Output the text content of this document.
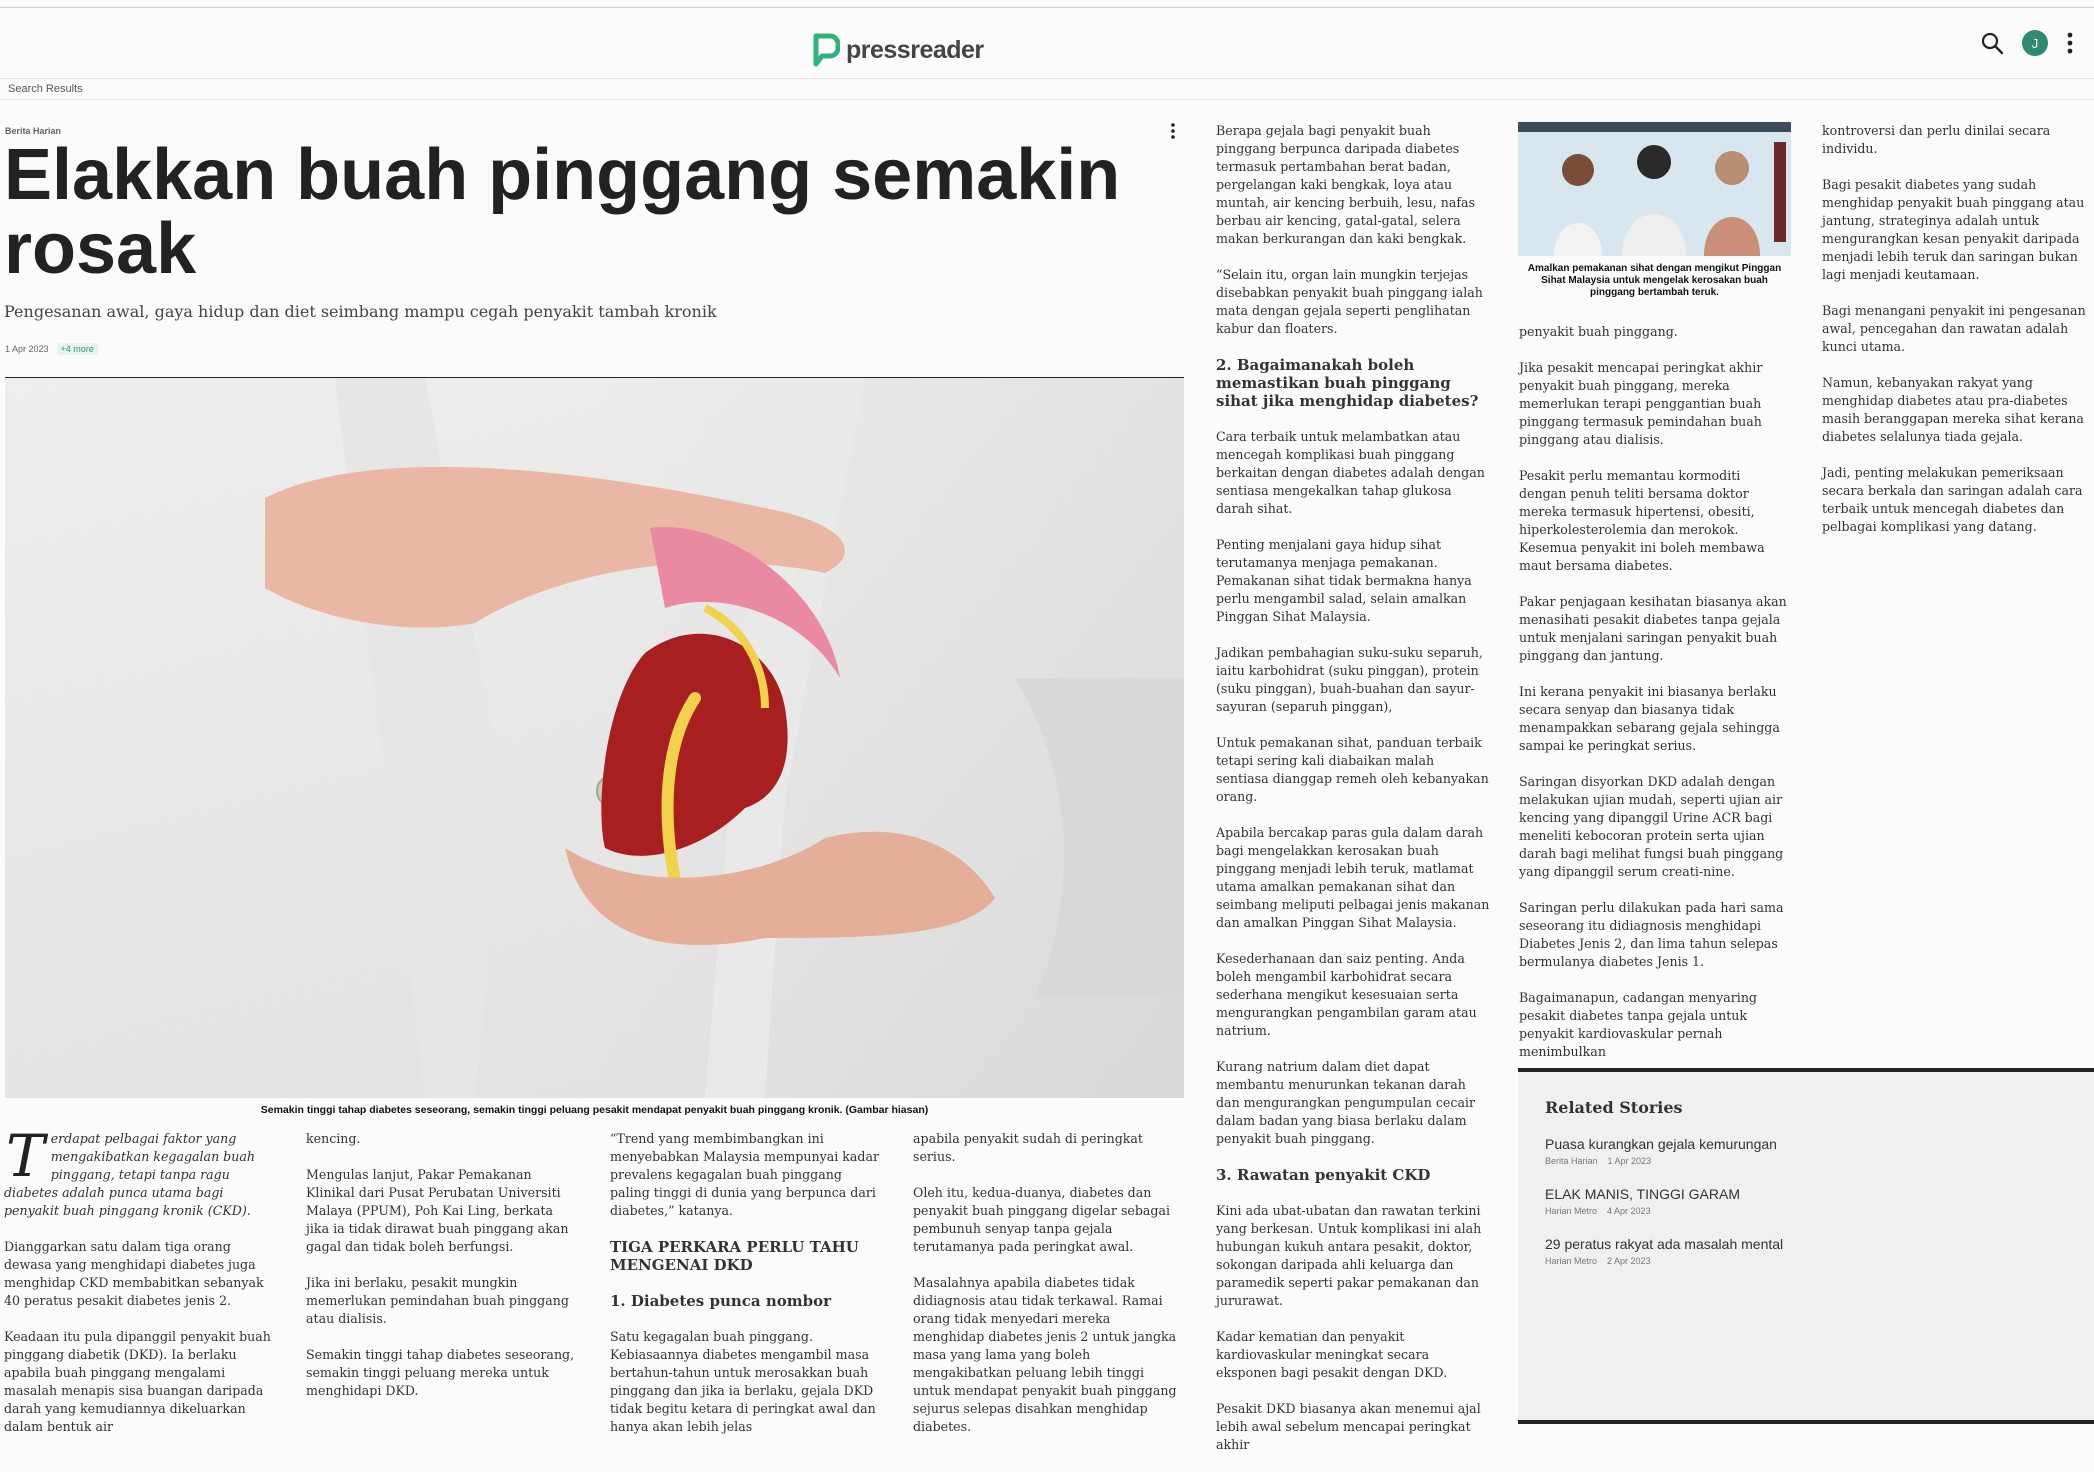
pressreader	J
Search Results
Berita Harian
Elakkan buah pinggang semakin rosak
Pengesanan awal, gaya hidup dan diet seimbang mampu cegah penyakit tambah kronik
1 Apr 2023	+4 more
Semakin tinggi tahap diabetes seseorang, semakin tinggi peluang pesakit mendapat penyakit buah pinggang kronik. (Gambar hiasan)

Terdapat pelbagai faktor yang mengakibatkan kegagalan buah pinggang, tetapi tanpa ragu diabetes adalah punca utama bagi penyakit buah pinggang kronik (CKD).

Dianggarkan satu dalam tiga orang dewasa yang menghidapi diabetes juga menghidap CKD membabitkan sebanyak 40 peratus pesakit diabetes jenis 2.

Keadaan itu pula dipanggil penyakit buah pinggang diabetik (DKD). Ia berlaku apabila buah pinggang mengalami masalah menapis sisa buangan daripada darah yang kemudiannya dikeluarkan dalam bentuk air

kencing.

Mengulas lanjut, Pakar Pemakanan Klinikal dari Pusat Perubatan Universiti Malaya (PPUM), Poh Kai Ling, berkata jika ia tidak dirawat buah pinggang akan gagal dan tidak boleh berfungsi.

Jika ini berlaku, pesakit mungkin memerlukan pemindahan buah pinggang atau dialisis.

Semakin tinggi tahap diabetes seseorang, semakin tinggi peluang mereka untuk menghidapi DKD.

“Trend yang membimbangkan ini menyebabkan Malaysia mempunyai kadar prevalens kegagalan buah pinggang paling tinggi di dunia yang berpunca dari diabetes,” katanya.

TIGA PERKARA PERLU TAHU MENGENAI DKD
1. Diabetes punca nombor

Satu kegagalan buah pinggang. Kebiasaannya diabetes mengambil masa bertahun-tahun untuk merosakkan buah pinggang dan jika ia berlaku, gejala DKD tidak begitu ketara di peringkat awal dan hanya akan lebih jelas

apabila penyakit sudah di peringkat serius.

Oleh itu, kedua-duanya, diabetes dan penyakit buah pinggang digelar sebagai pembunuh senyap tanpa gejala terutamanya pada peringkat awal.

Masalahnya apabila diabetes tidak didiagnosis atau tidak terkawal. Ramai orang tidak menyedari mereka menghidap diabetes jenis 2 untuk jangka masa yang lama yang boleh mengakibatkan peluang lebih tinggi untuk mendapat penyakit buah pinggang sejurus selepas disahkan menghidap diabetes.

Berapa gejala bagi penyakit buah pinggang berpunca daripada diabetes termasuk pertambahan berat badan, pergelangan kaki bengkak, loya atau muntah, air kencing berbuih, lesu, nafas berbau air kencing, gatal-gatal, selera makan berkurangan dan kaki bengkak.

“Selain itu, organ lain mungkin terjejas disebabkan penyakit buah pinggang ialah mata dengan gejala seperti penglihatan kabur dan floaters.

2. Bagaimanakah boleh memastikan buah pinggang sihat jika menghidap diabetes?

Cara terbaik untuk melambatkan atau mencegah komplikasi buah pinggang berkaitan dengan diabetes adalah dengan sentiasa mengekalkan tahap glukosa darah sihat.

Penting menjalani gaya hidup sihat terutamanya menjaga pemakanan. Pemakanan sihat tidak bermakna hanya perlu mengambil salad, selain amalkan Pinggan Sihat Malaysia.

Jadikan pembahagian suku-suku separuh, iaitu karbohidrat (suku pinggan), protein (suku pinggan), buah-buahan dan sayur-sayuran (separuh pinggan),

Untuk pemakanan sihat, panduan terbaik tetapi sering kali diabaikan malah sentiasa dianggap remeh oleh kebanyakan orang.

Apabila bercakap paras gula dalam darah bagi mengelakkan kerosakan buah pinggang menjadi lebih teruk, matlamat utama amalkan pemakanan sihat dan seimbang meliputi pelbagai jenis makanan dan amalkan Pinggan Sihat Malaysia.

Kesederhanaan dan saiz penting. Anda boleh mengambil karbohidrat secara sederhana mengikut kesesuaian serta mengurangkan pengambilan garam atau natrium.

Kurang natrium dalam diet dapat membantu menurunkan tekanan darah dan mengurangkan pengumpulan cecair dalam badan yang biasa berlaku dalam penyakit buah pinggang.

3. Rawatan penyakit CKD

Kini ada ubat-ubatan dan rawatan terkini yang berkesan. Untuk komplikasi ini alah hubungan kukuh antara pesakit, doktor, sokongan daripada ahli keluarga dan paramedik seperti pakar pemakanan dan jururawat.

Kadar kematian dan penyakit kardiovaskular meningkat secara eksponen bagi pesakit dengan DKD.

Pesakit DKD biasanya akan menemui ajal lebih awal sebelum mencapai peringkat akhir

Amalkan pemakanan sihat dengan mengikut Pinggan Sihat Malaysia untuk mengelak kerosakan buah pinggang bertambah teruk.

penyakit buah pinggang.

Jika pesakit mencapai peringkat akhir penyakit buah pinggang, mereka memerlukan terapi penggantian buah pinggang termasuk pemindahan buah pinggang atau dialisis.

Pesakit perlu memantau kormoditi dengan penuh teliti bersama doktor mereka termasuk hipertensi, obesiti, hiperkolesterolemia dan merokok. Kesemua penyakit ini boleh membawa maut bersama diabetes.

Pakar penjagaan kesihatan biasanya akan menasihati pesakit diabetes tanpa gejala untuk menjalani saringan penyakit buah pinggang dan jantung.

Ini kerana penyakit ini biasanya berlaku secara senyap dan biasanya tidak menampakkan sebarang gejala sehingga sampai ke peringkat serius.

Saringan disyorkan DKD adalah dengan melakukan ujian mudah, seperti ujian air kencing yang dipanggil Urine ACR bagi meneliti kebocoran protein serta ujian darah bagi melihat fungsi buah pinggang yang dipanggil serum creati-nine.

Saringan perlu dilakukan pada hari sama seseorang itu didiagnosis menghidapi Diabetes Jenis 2, dan lima tahun selepas bermulanya diabetes Jenis 1.

Bagaimanapun, cadangan menyaring pesakit diabetes tanpa gejala untuk penyakit kardiovaskular pernah menimbulkan

kontroversi dan perlu dinilai secara individu.

Bagi pesakit diabetes yang sudah menghidap penyakit buah pinggang atau jantung, strateginya adalah untuk mengurangkan kesan penyakit daripada menjadi lebih teruk dan saringan bukan lagi menjadi keutamaan.

Bagi menangani penyakit ini pengesanan awal, pencegahan dan rawatan adalah kunci utama.

Namun, kebanyakan rakyat yang menghidap diabetes atau pra-diabetes masih beranggapan mereka sihat kerana diabetes selalunya tiada gejala.

Jadi, penting melakukan pemeriksaan secara berkala dan saringan adalah cara terbaik untuk mencegah diabetes dan pelbagai komplikasi yang datang.

Related Stories
Puasa kurangkan gejala kemurungan
Berita Harian 1 Apr 2023
ELAK MANIS, TINGGI GARAM
Harian Metro 4 Apr 2023
29 peratus rakyat ada masalah mental
Harian Metro 2 Apr 2023
